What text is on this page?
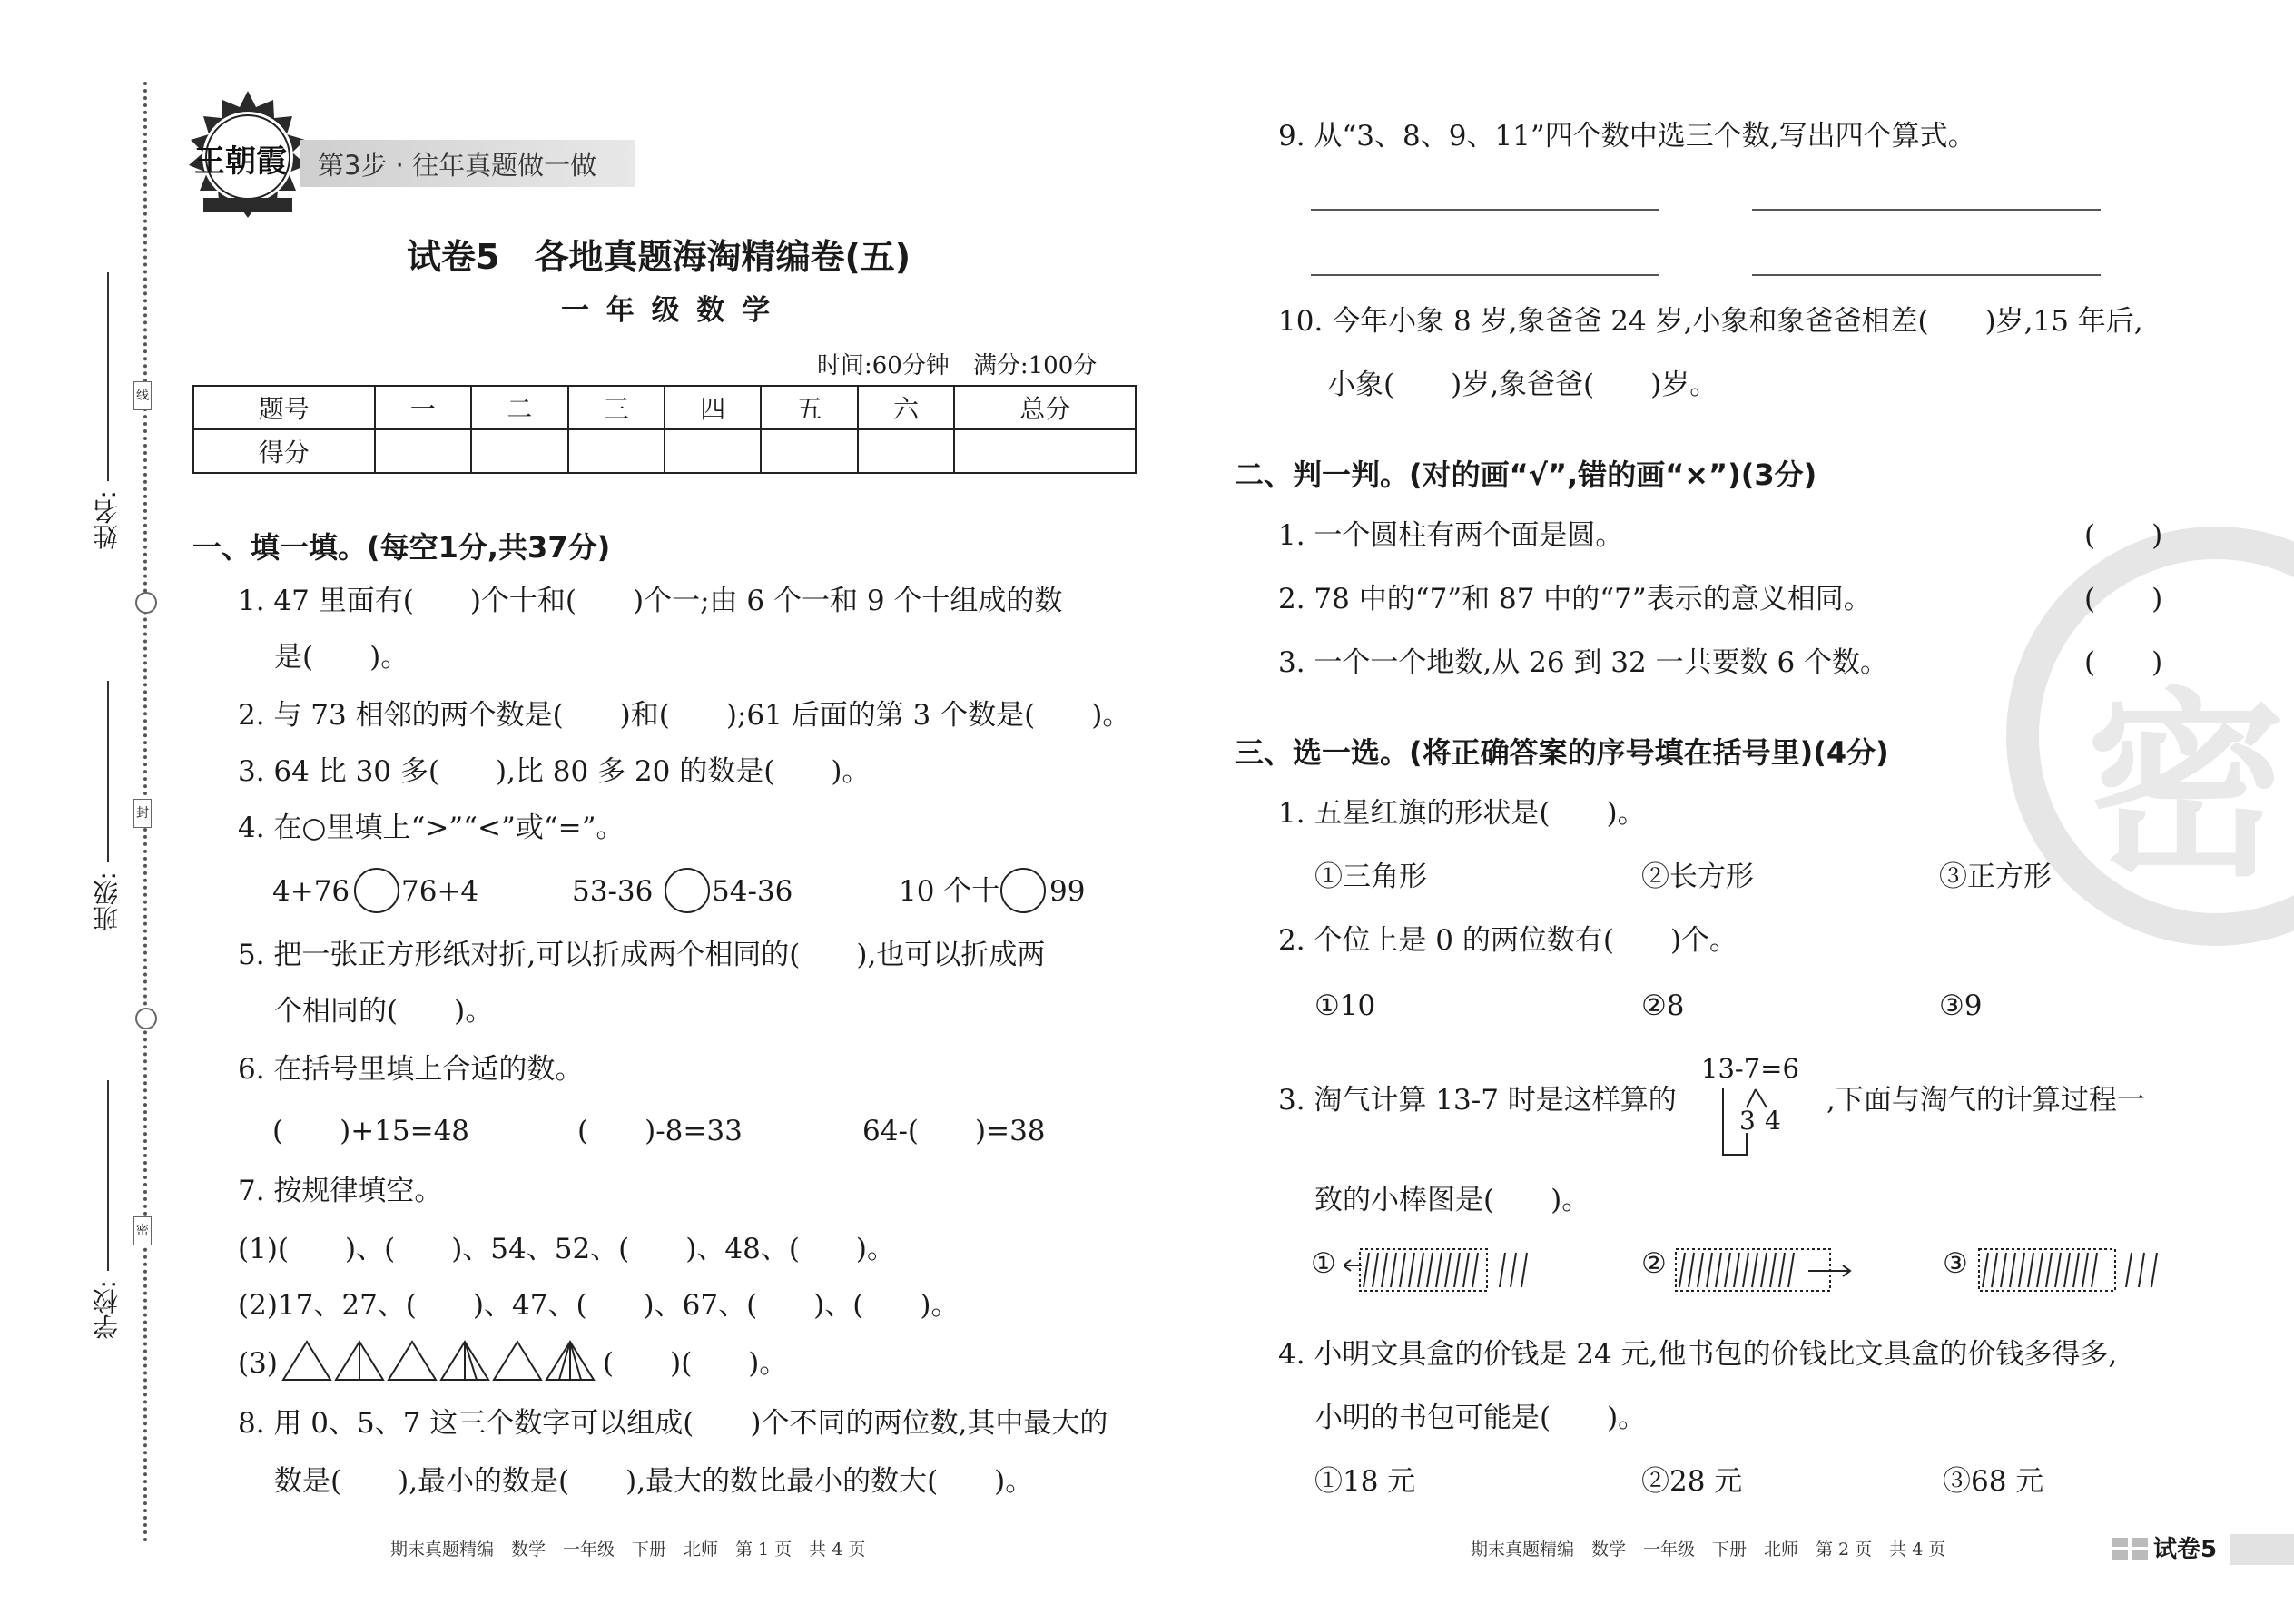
线
封
密
姓名:
班级:
学校:
王朝霞 第3步 · 往年真题做一做
试卷5　各地真题海淘精编卷(五)
一 年 级 数 学
时间:60分钟　满分:100分
题号	一	二	三	四	五	六	总分
得分							
一、填一填。(每空1分,共37分)
1. 47 里面有(　　)个十和(　　)个一;由 6 个一和 9 个十组成的数
是(　　)。
2. 与 73 相邻的两个数是(　　)和(　　);61 后面的第 3 个数是(　　)。
3. 64 比 30 多(　　),比 80 多 20 的数是(　　)。
4. 在○里填上“>”“<”或“=”。
4+76 76+4	53-36 54-36	10 个十 99
5. 把一张正方形纸对折,可以折成两个相同的(　　),也可以折成两
个相同的(　　)。
6. 在括号里填上合适的数。
(　　)+15=48	(　　)-8=33	64-(　　)=38
7. 按规律填空。
(1)(　　)、(　　)、54、52、(　　)、48、(　　)。
(2)17、27、(　　)、47、(　　)、67、(　　)、(　　)。
(3)	(　　)(　　)。
8. 用 0、5、7 这三个数字可以组成(　　)个不同的两位数,其中最大的
数是(　　),最小的数是(　　),最大的数比最小的数大(　　)。
期末真题精编　数学　一年级　下册　北师　第 1 页　共 4 页
密
9. 从“3、8、9、11”四个数中选三个数,写出四个算式。
10. 今年小象 8 岁,象爸爸 24 岁,小象和象爸爸相差(　　)岁,15 年后,
小象(　　)岁,象爸爸(　　)岁。
二、判一判。(对的画“√”,错的画“×”)(3分)
1. 一个圆柱有两个面是圆。	(　　)
2. 78 中的“7”和 87 中的“7”表示的意义相同。	(　　)
3. 一个一个地数,从 26 到 32 一共要数 6 个数。	(　　)
三、选一选。(将正确答案的序号填在括号里)(4分)
1. 五星红旗的形状是(　　)。
①三角形	②长方形	③正方形
2. 个位上是 0 的两位数有(　　)个。
①10	②8	③9
3. 淘气计算 13-7 时是这样算的
13-7=6
3 4
,下面与淘气的计算过程一
致的小棒图是(　　)。
①	②	③
4. 小明文具盒的价钱是 24 元,他书包的价钱比文具盒的价钱多得多,
小明的书包可能是(　　)。
①18 元	②28 元	③68 元
期末真题精编　数学　一年级　下册　北师　第 2 页　共 4 页	试卷5
